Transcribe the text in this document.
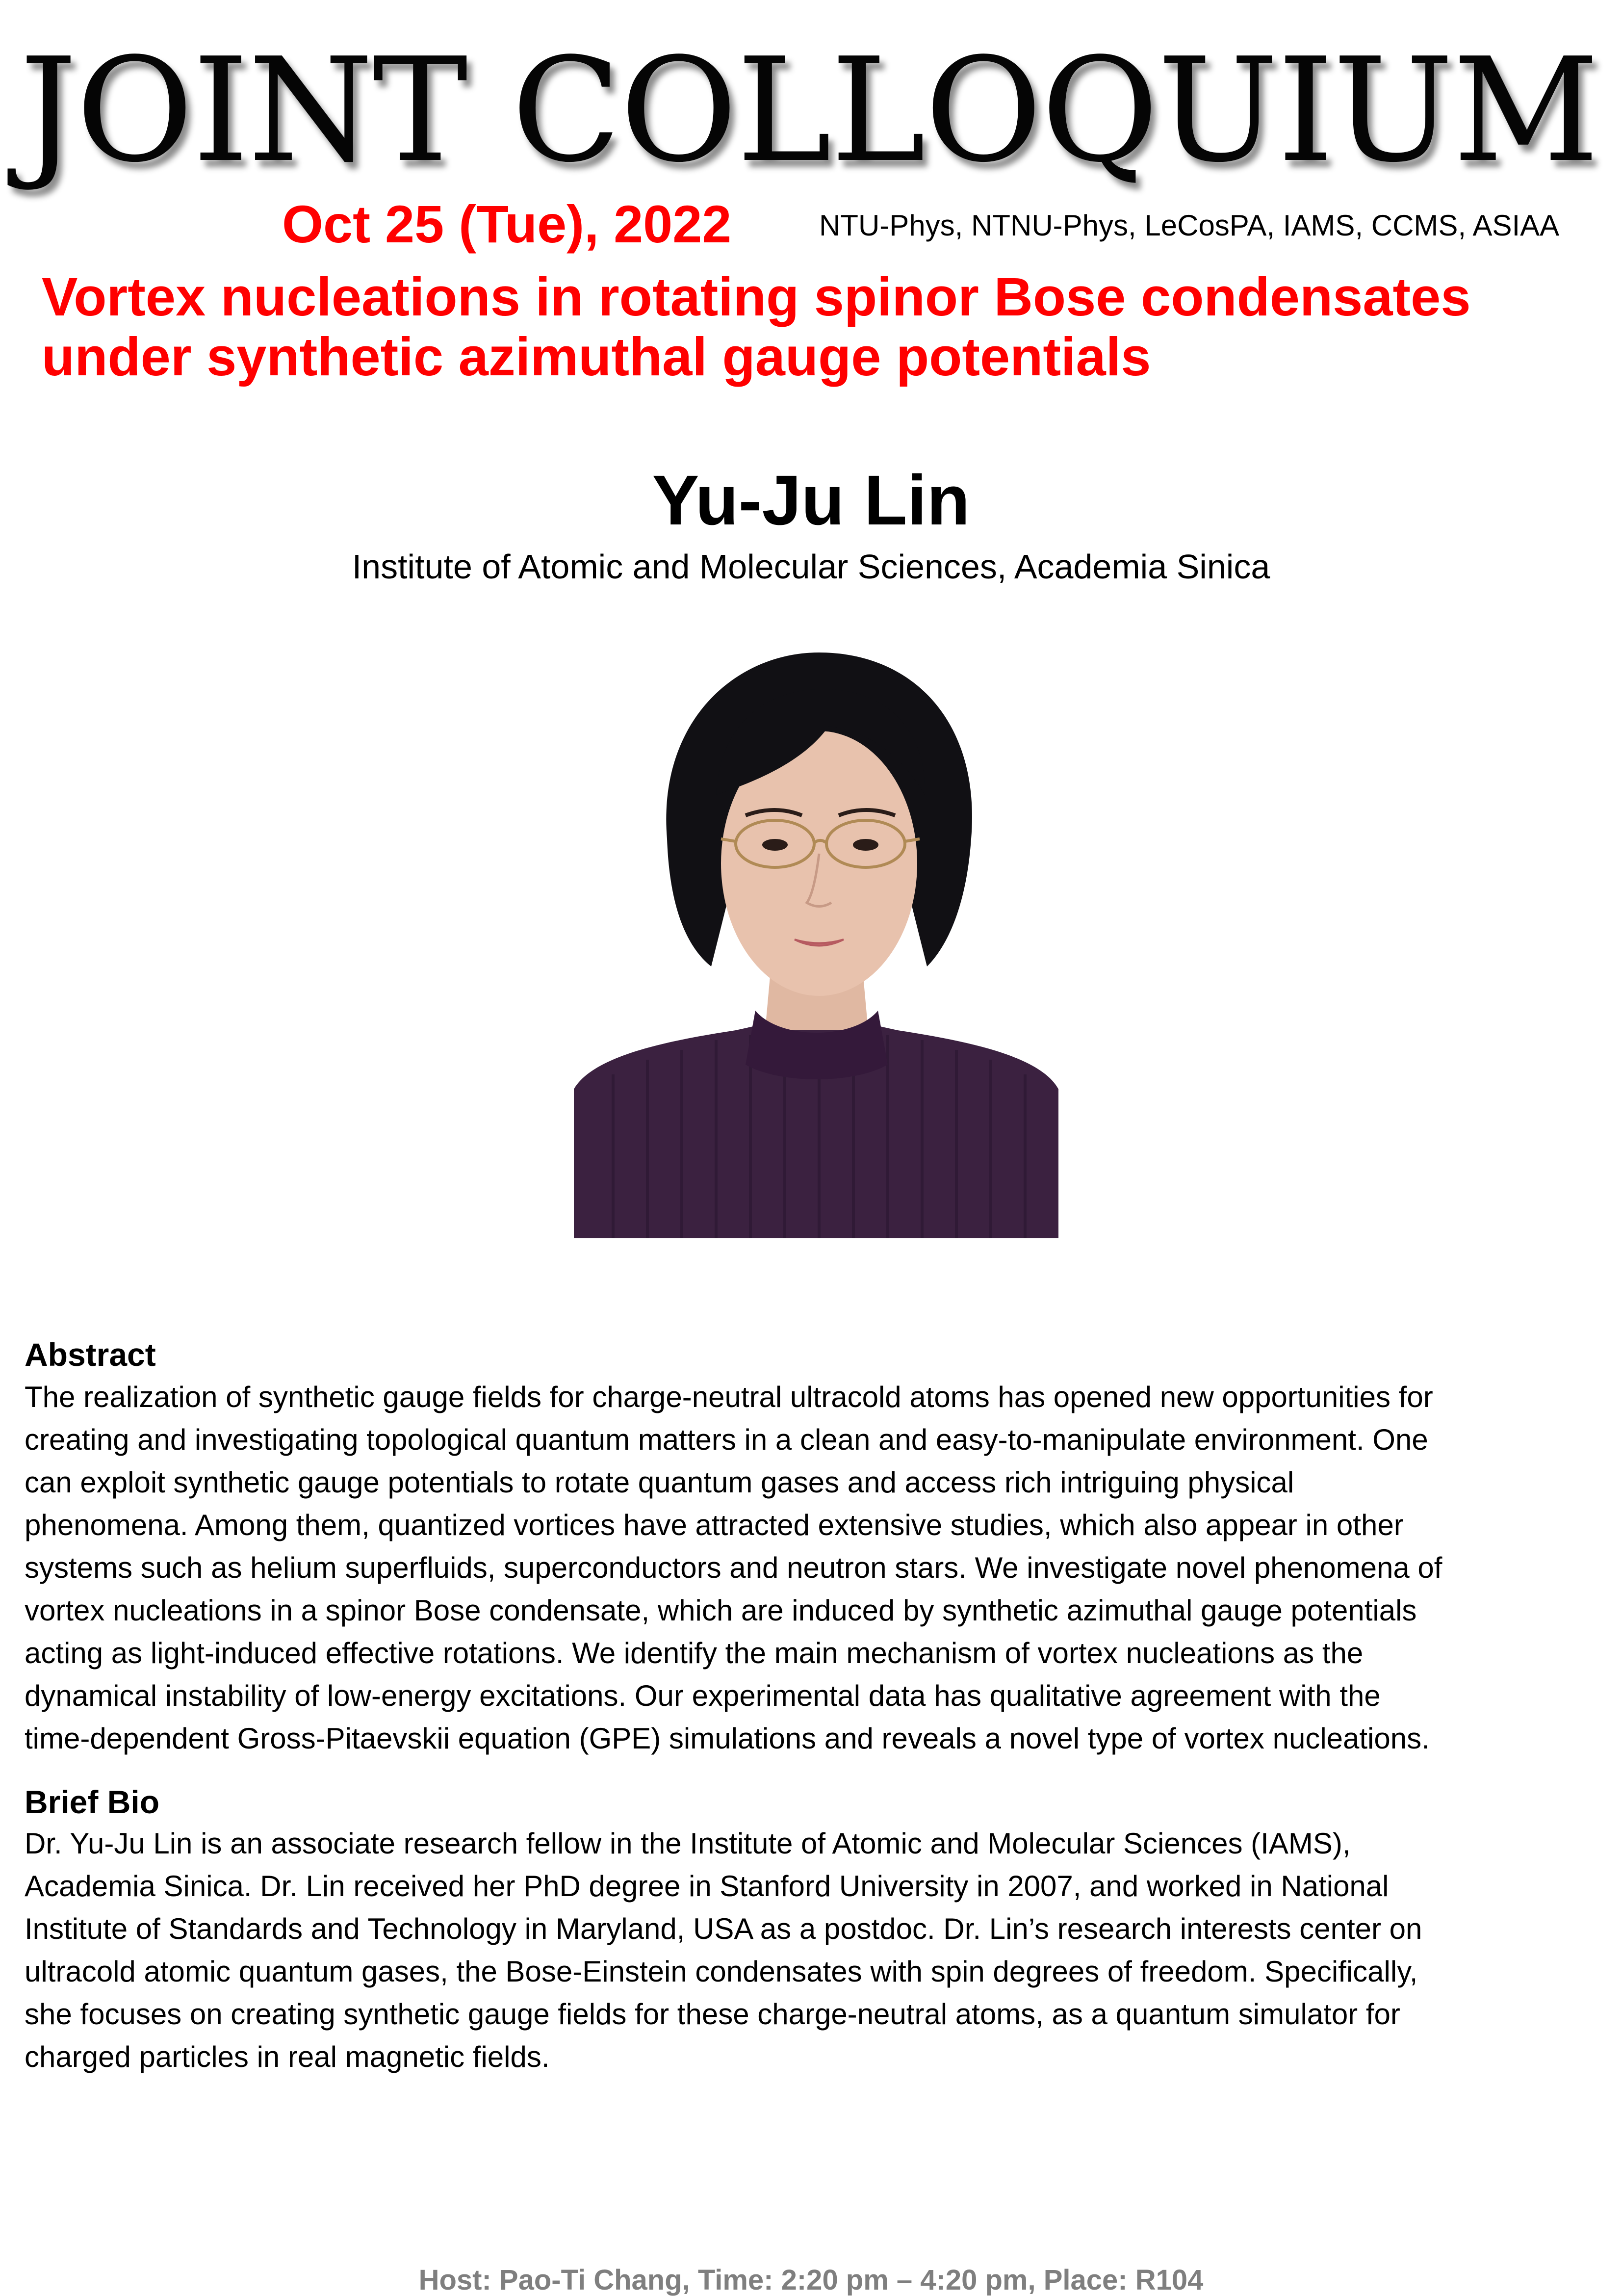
JOINT COLLOQUIUM
Oct 25 (Tue), 2022	NTU-Phys, NTNU-Phys, LeCosPA, IAMS, CCMS, ASIAA
Vortex nucleations in rotating spinor Bose condensates
under synthetic azimuthal gauge potentials
Yu-Ju Lin
Institute of Atomic and Molecular Sciences, Academia Sinica
Abstract
The realization of synthetic gauge fields for charge-neutral ultracold atoms has opened new opportunities for
creating and investigating topological quantum matters in a clean and easy-to-manipulate environment. One
can exploit synthetic gauge potentials to rotate quantum gases and access rich intriguing physical
phenomena. Among them, quantized vortices have attracted extensive studies, which also appear in other
systems such as helium superfluids, superconductors and neutron stars. We investigate novel phenomena of
vortex nucleations in a spinor Bose condensate, which are induced by synthetic azimuthal gauge potentials
acting as light-induced effective rotations. We identify the main mechanism of vortex nucleations as the
dynamical instability of low-energy excitations. Our experimental data has qualitative agreement with the
time-dependent Gross-Pitaevskii equation (GPE) simulations and reveals a novel type of vortex nucleations.
Brief Bio
Dr. Yu-Ju Lin is an associate research fellow in the Institute of Atomic and Molecular Sciences (IAMS),
Academia Sinica. Dr. Lin received her PhD degree in Stanford University in 2007, and worked in National
Institute of Standards and Technology in Maryland, USA as a postdoc. Dr. Lin’s research interests center on
ultracold atomic quantum gases, the Bose-Einstein condensates with spin degrees of freedom. Specifically,
she focuses on creating synthetic gauge fields for these charge-neutral atoms, as a quantum simulator for
charged particles in real magnetic fields.
Host: Pao-Ti Chang, Time: 2:20 pm – 4:20 pm, Place: R104
